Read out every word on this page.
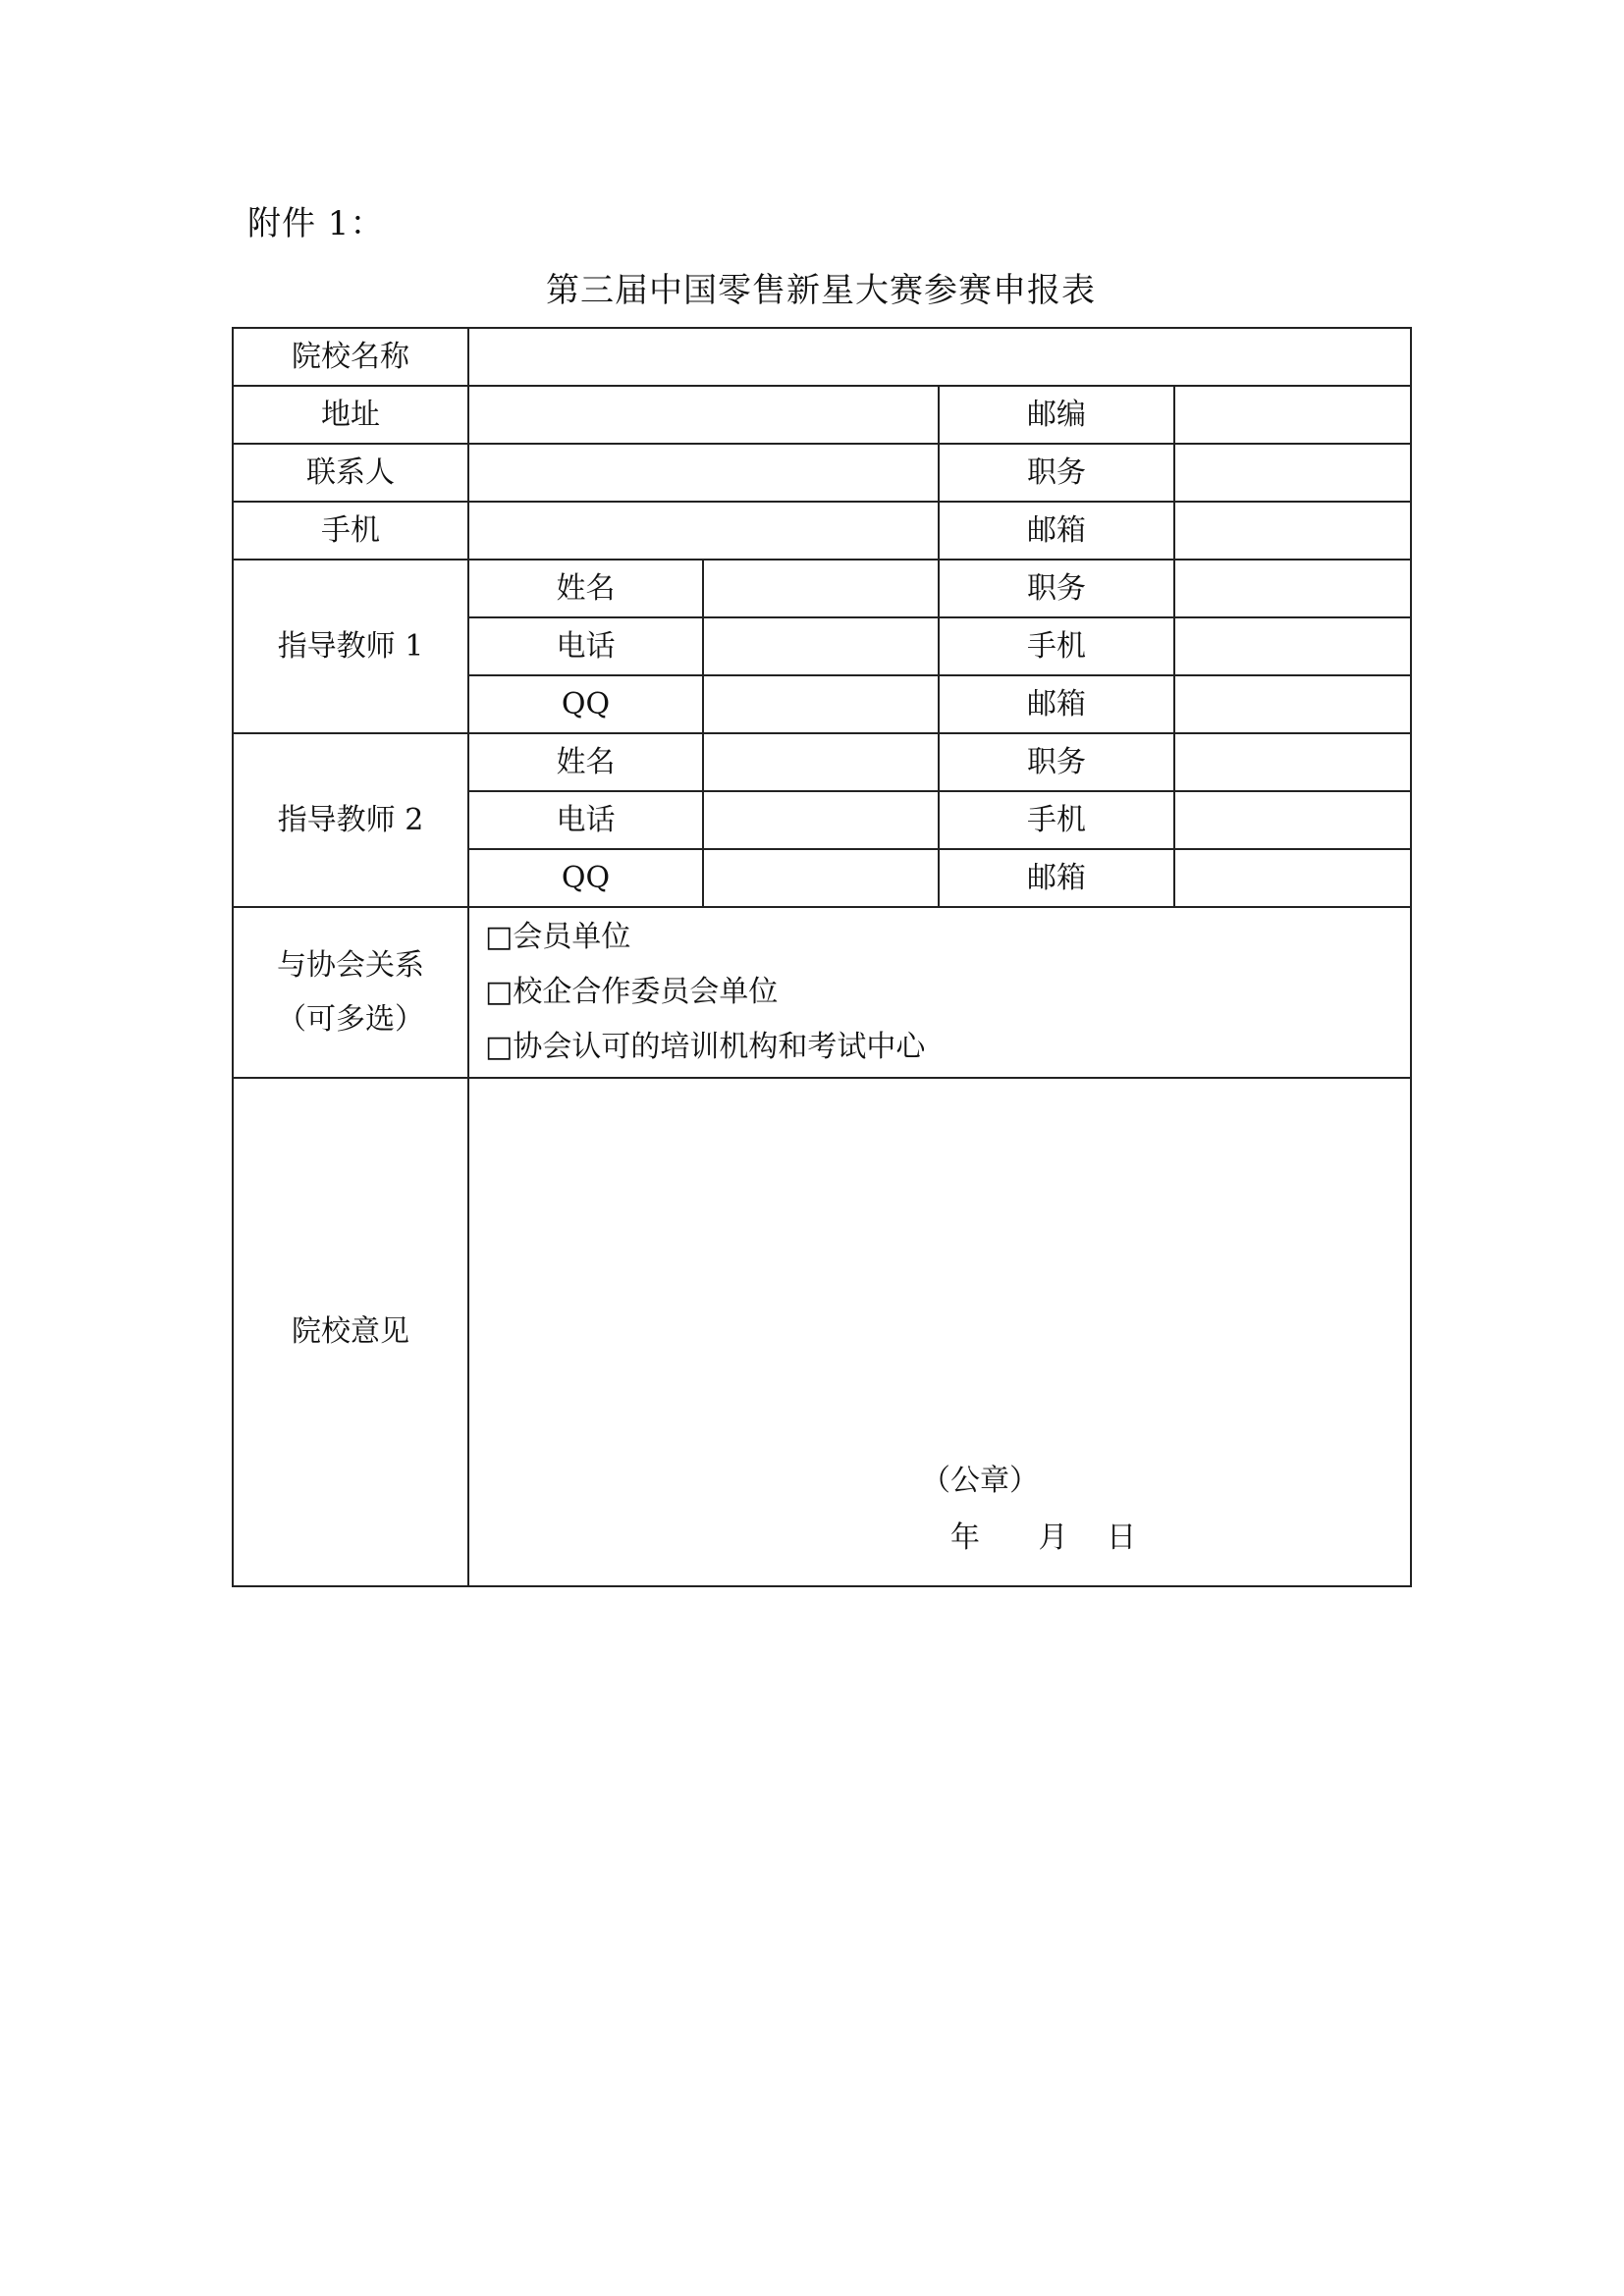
附件 1：
第三届中国零售新星大赛参赛申报表
院校名称				
地址			邮编	
联系人			职务	
手机			邮箱	
指导教师 1	姓名		职务	
	电话		手机	
	QQ		邮箱	
指导教师 2	姓名		职务	
	电话		手机	
	QQ		邮箱	

与协会关系
（可多选）	□会员单位
□校企合作委员会单位
□协会认可的培训机构和考试中心			

院校意见	（公章）
年 月 日			
